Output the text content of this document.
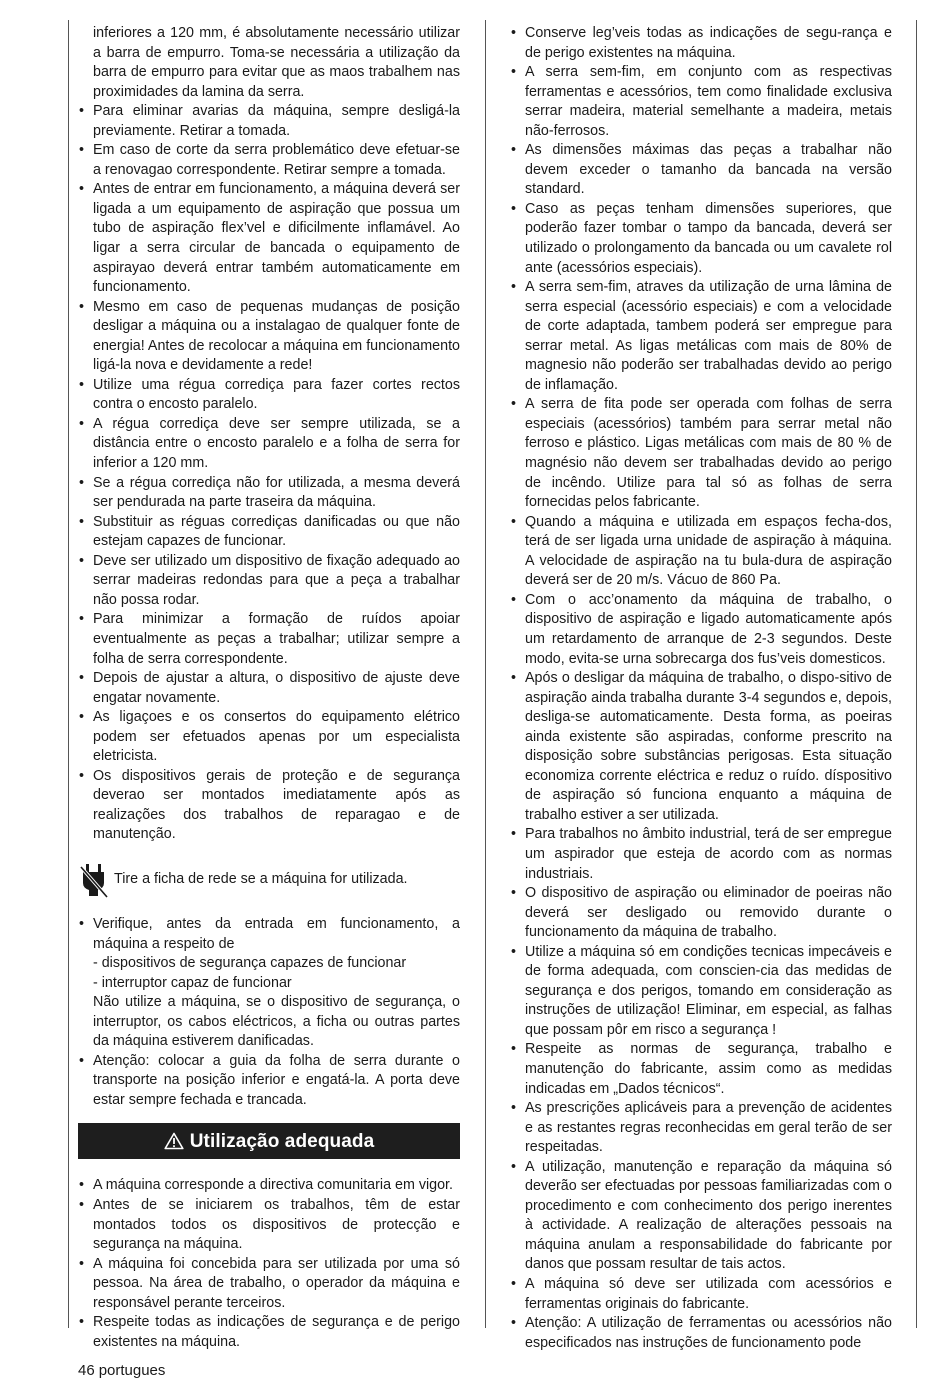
inferiores a 120 mm, é absolutamente necessário utilizar a barra de empurro. Toma-se necessária a utilização da barra de empurro para evitar que as maos trabalhem nas proximidades da lamina da serra.

• Para eliminar avarias da máquina, sempre desligá-la previamente. Retirar a tomada.
• Em caso de corte da serra problemático deve efetuar-se a renovagao correspondente. Retirar sempre a tomada.
• Antes de entrar em funcionamento, a máquina deverá ser ligada a um equipamento de aspiração que possua um tubo de aspiração flex’vel e dificilmente inflamável. Ao ligar a serra circular de bancada o equipamento de aspirayao deverá entrar também automaticamente em funcionamento.
• Mesmo em caso de pequenas mudanças de posição desligar a máquina ou a instalagao de qualquer fonte de energia! Antes de recolocar a máquina em funcionamento ligá-la nova e devidamente a rede!
• Utilize uma régua corrediça para fazer cortes rectos contra o encosto paralelo.
• A régua corrediça deve ser sempre utilizada, se a distância entre o encosto paralelo e a folha de serra for inferior a 120 mm.
• Se a régua corrediça não for utilizada, a mesma deverá ser pendurada na parte traseira da máquina.
• Substituir as réguas corrediças danificadas ou que não estejam capazes de funcionar.
• Deve ser utilizado um dispositivo de fixação adequado ao serrar madeiras redondas para que a peça a trabalhar não possa rodar.
• Para minimizar a formação de ruídos apoiar eventualmente as peças a trabalhar; utilizar sempre a folha de serra correspondente.
• Depois de ajustar a altura, o dispositivo de ajuste deve engatar novamente.
• As ligaçoes e os consertos do equipamento elétrico podem ser efetuados apenas por um especialista eletricista.
• Os dispositivos gerais de proteção e de segurança deverao ser montados imediatamente após as realizações dos trabalhos de reparagao e de manutenção.
Tire a ficha de rede se a máquina for utilizada.
• Verifique, antes da entrada em funcionamento, a máquina a respeito de
- dispositivos de segurança capazes de funcionar
- interruptor capaz de funcionar
Não utilize a máquina, se o dispositivo de segurança, o interruptor, os cabos eléctricos, a ficha ou outras partes da máquina estiverem danificadas.
• Atenção: colocar a guia da folha de serra durante o transporte na posição inferior e engatá-la. A porta deve estar sempre fechada e trancada.
Utilização adequada
• A máquina corresponde a directiva comunitaria em vigor.
• Antes de se iniciarem os trabalhos, têm de estar montados todos os dispositivos de protecção e segurança na máquina.
• A máquina foi concebida para ser utilizada por uma só pessoa. Na área de trabalho, o operador da máquina e responsável perante terceiros.
• Respeite todas as indicações de segurança e de perigo existentes na máquina.
• Conserve leg’veis todas as indicações de segu-rança e de perigo existentes na máquina.
• A serra sem-fim, em conjunto com as respectivas ferramentas e acessórios, tem como finalidade exclusiva serrar madeira, material semelhante a madeira, metais não-ferrosos.
• As dimensões máximas das peças a trabalhar não devem exceder o tamanho da bancada na versão standard.
• Caso as peças tenham dimensões superiores, que poderão fazer tombar o tampo da bancada, deverá ser utilizado o prolongamento da bancada ou um cavalete rol ante (acessórios especiais).
• A serra sem-fim, atraves da utilização de urna lâmina de serra especial (acessório especiais) e com a velocidade de corte adaptada, tambem poderá ser empregue para serrar metal. As ligas metálicas com mais de 80% de magnesio não poderão ser trabalhadas devido ao perigo de inflamação.
• A serra de fita pode ser operada com folhas de serra especiais (acessórios) também para serrar metal não ferroso e plástico. Ligas metálicas com mais de 80 % de magnésio não devem ser trabalhadas devido ao perigo de incêndo. Utilize para tal só as folhas de serra fornecidas pelos fabricante.
• Quando a máquina e utilizada em espaços fecha-dos, terá de ser ligada urna unidade de aspiração à máquina. A velocidade de aspiração na tu bula-dura de aspiração deverá ser de 20 m/s. Vácuo de 860 Pa.
• Com o acc’onamento da máquina de trabalho, o dispositivo de aspiração e ligado automaticamente após um retardamento de arranque de 2-3 segundos. Deste modo, evita-se urna sobrecarga dos fus’veis domesticos.
• Após o desligar da máquina de trabalho, o dispo-sitivo de aspiração ainda trabalha durante 3-4 segundos e, depois, desliga-se automaticamente. Desta forma, as poeiras ainda existente são aspiradas, conforme prescrito na disposição sobre substâncias perigosas. Esta situação economiza corrente eléctrica e reduz o ruído. díspositivo de aspiração só funciona enquanto a máquina de trabalho estiver a ser utilizada.
• Para trabalhos no âmbito industrial, terá de ser empregue um aspirador que esteja de acordo com as normas industriais.
• O dispositivo de aspiração ou eliminador de poeiras não deverá ser desligado ou removido durante o funcionamento da máquina de trabalho.
• Utilize a máquina só em condições tecnicas impecáveis e de forma adequada, com conscien-cia das medidas de segurança e dos perigos, tomando em consideração as instruções de utilização! Eliminar, em especial, as falhas que possam pôr em risco a segurança !
• Respeite as normas de segurança, trabalho e manutenção do fabricante, assim como as medidas indicadas em „Dados técnicos“.
• As prescrições aplicáveis para a prevenção de acidentes e as restantes regras reconhecidas em geral terão de ser respeitadas.
• A utilização, manutenção e reparação da máquina só deverão ser efectuadas por pessoas familiarizadas com o procedimento e com conhecimento dos perigo inerentes à actividade. A realização de alterações pessoais na máquina anulam a responsabilidade do fabricante por danos que possam resultar de tais actos.
• A máquina só deve ser utilizada com acessórios e ferramentas originais do fabricante.
• Atenção: A utilização de ferramentas ou acessórios não especificados nas instruções de funcionamento pode
46 portugues
